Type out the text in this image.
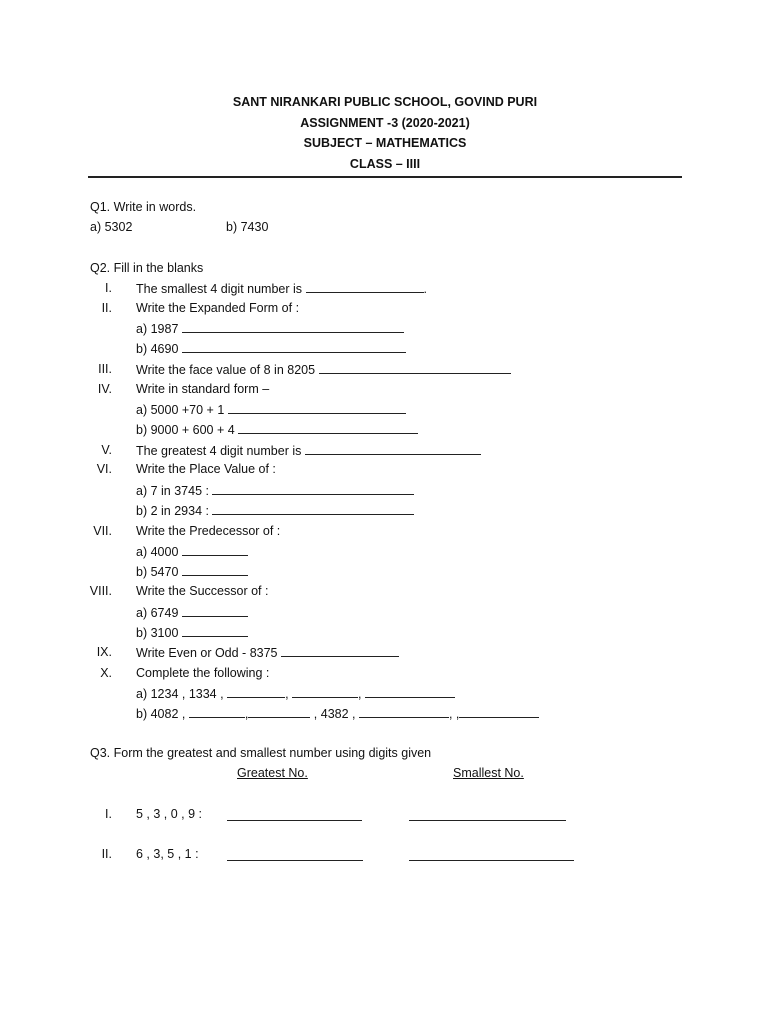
SANT NIRANKARI PUBLIC SCHOOL, GOVIND PURI
ASSIGNMENT -3 (2020-2021)
SUBJECT – MATHEMATICS
CLASS – IIII
Q1. Write in words.
a) 5302	b) 7430
Q2. Fill in the blanks
I. The smallest 4 digit number is	.
II. Write the Expanded Form of :
a) 1987
b) 4690
III. Write the face value of 8 in 8205
IV. Write in standard form –
a) 5000 +70 + 1
b) 9000 + 600 + 4
V. The greatest 4 digit number is
VI. Write the Place Value of :
a) 7 in 3745 :
b) 2 in 2934 :
VII. Write the Predecessor of :
a) 4000
b) 5470
VIII. Write the Successor of :
a) 6749
b) 3100
IX. Write Even or Odd - 8375
X. Complete the following :
a) 1234 , 1334 ,	,	,
b) 4082 ,	,	, 4382 ,	, ,
Q3. Form the greatest and smallest number using digits given
Greatest No.	Smallest No.
I. 5 , 3 , 0 , 9 :
II. 6 , 3, 5 , 1 :
